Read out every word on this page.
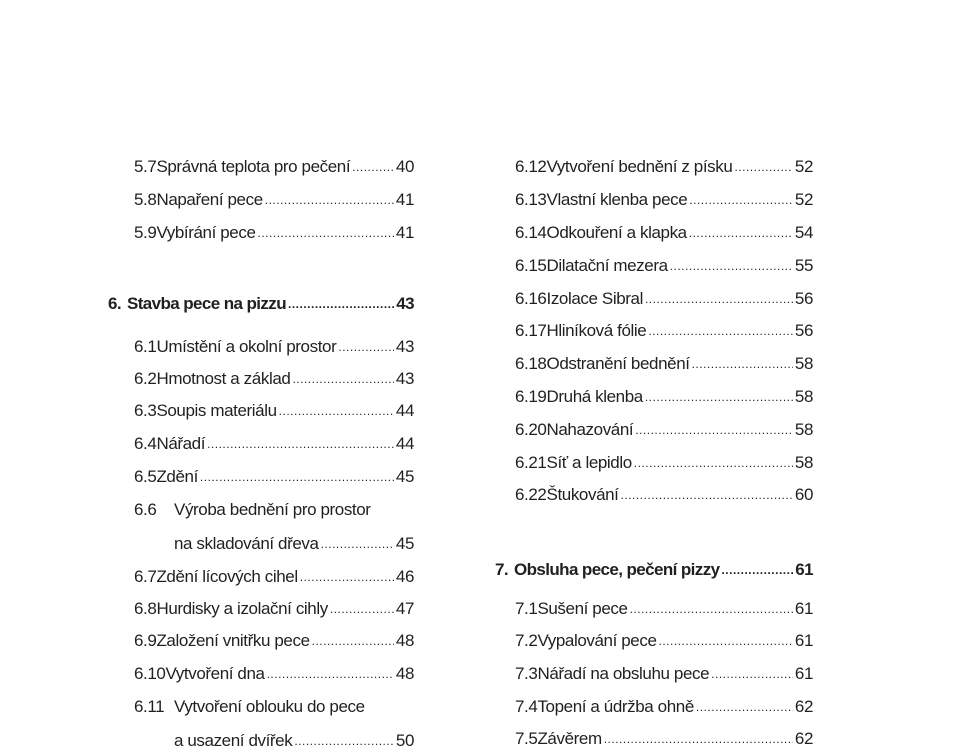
5.7 Správná teplota pro pečení .....	40
5.8 Napaření pece .....	41
5.9 Vybírání pece .....	41
6. Stavba pece na pizzu .....	43
6.1 Umístění a okolní prostor .....	43
6.2 Hmotnost a základ .....	43
6.3 Soupis materiálu .....	44
6.4 Nářadí .....	44
6.5 Zdění .....	45
6.6	Výroba bednění pro prostor
na skladování dřeva .....	45
6.7 Zdění lícových cihel .....	46
6.8 Hurdisky a izolační cihly .....	47
6.9 Založení vnitřku pece .....	48
6.10 Vytvoření dna .....	48
6.11 Vytvoření oblouku do pece
a usazení dvířek .....	50
6.12 Vytvoření bednění z písku .....	52
6.13 Vlastní klenba pece .....	52
6.14 Odkouření a klapka .....	54
6.15 Dilatační mezera .....	55
6.16 Izolace Sibral .....	56
6.17 Hliníková fólie .....	56
6.18 Odstranění bednění .....	58
6.19 Druhá klenba .....	58
6.20 Nahazování .....	58
6.21 Síť a lepidlo .....	58
6.22 Štukování .....	60
7. Obsluha pece, pečení pizzy .....	61
7.1 Sušení pece .....	61
7.2 Vypalování pece .....	61
7.3 Nářadí na obsluhu pece .....	61
7.4 Topení a údržba ohně .....	62
7.5 Závěrem .....	62
